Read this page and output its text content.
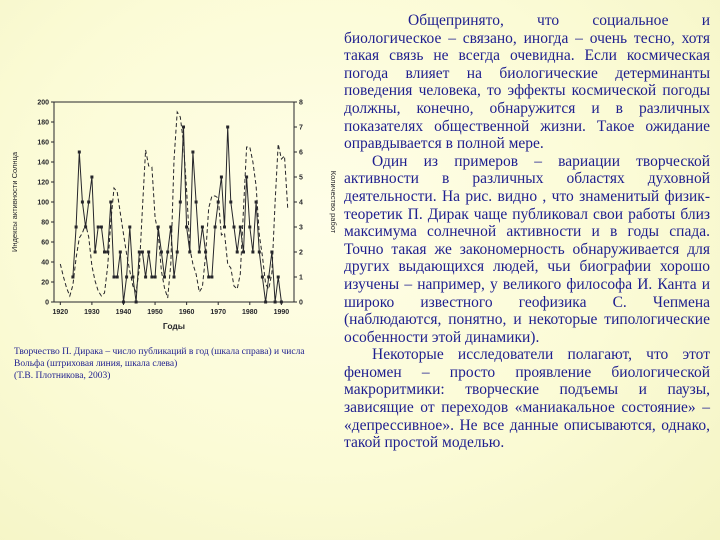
0
20
40
60
80
100
120
140
160
180
200
0
1
2
3
4
5
6
7
8
1920 1930 1940 1950 1960 1970 1980 1990
Индексы активности Солнца	Количество работ
Годы
Творчество П. Дирака – число публикаций в год (шкала справа) и числа Вольфа (штриховая линия, шкала слева)
(Т.В. Плотникова, 2003)

Общепринято, что социальное и биологическое – связано, иногда – очень тесно, хотя такая связь не всегда очевидна. Если космическая погода влияет на биологические детерминанты поведения человека, то эффекты космической погоды должны, конечно, обнаружится и в различных показателях общественной жизни. Такое ожидание оправдывается в полной мере.

Один из примеров – вариации творческой активности в различных областях духовной деятельности. На рис. видно , что знаменитый физик-теоретик П. Дирак чаще публиковал свои работы близ максимума солнечной активности и в годы спада. Точно такая же закономерность обнаруживается для других выдающихся людей, чьи биографии хорошо изучены – например, у великого философа И. Канта и широко известного геофизика С. Чепмена (наблюдаются, понятно, и некоторые типологические особенности этой динамики).

Некоторые исследователи полагают, что этот феномен – просто проявление биологической макроритмики: творческие подъемы и паузы, зависящие от переходов «маниакальное состояние» – «депрессивное». Не все данные описываются, однако, такой простой моделью.
